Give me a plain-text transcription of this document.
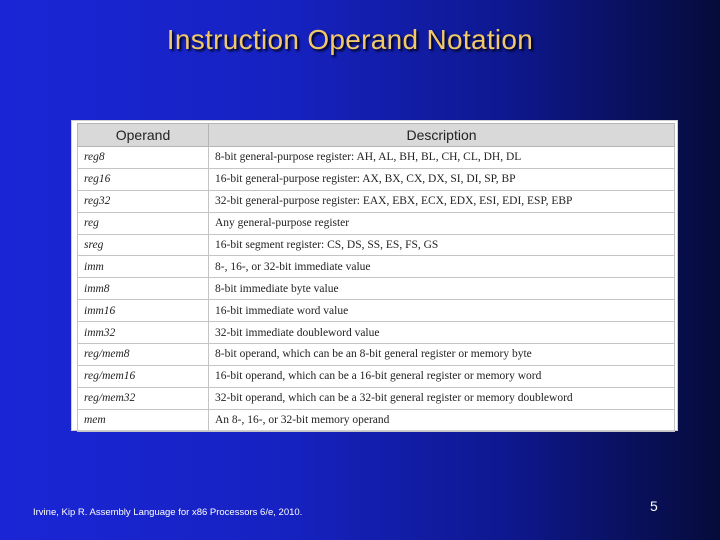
Instruction Operand Notation
Operand	Description
reg8	8-bit general-purpose register: AH, AL, BH, BL, CH, CL, DH, DL
reg16	16-bit general-purpose register: AX, BX, CX, DX, SI, DI, SP, BP
reg32	32-bit general-purpose register: EAX, EBX, ECX, EDX, ESI, EDI, ESP, EBP
reg	Any general-purpose register
sreg	16-bit segment register: CS, DS, SS, ES, FS, GS
imm	8-, 16-, or 32-bit immediate value
imm8	8-bit immediate byte value
imm16	16-bit immediate word value
imm32	32-bit immediate doubleword value
reg/mem8	8-bit operand, which can be an 8-bit general register or memory byte
reg/mem16	16-bit operand, which can be a 16-bit general register or memory word
reg/mem32	32-bit operand, which can be a 32-bit general register or memory doubleword
mem	An 8-, 16-, or 32-bit memory operand
Irvine, Kip R. Assembly Language for x86 Processors 6/e, 2010.	5
